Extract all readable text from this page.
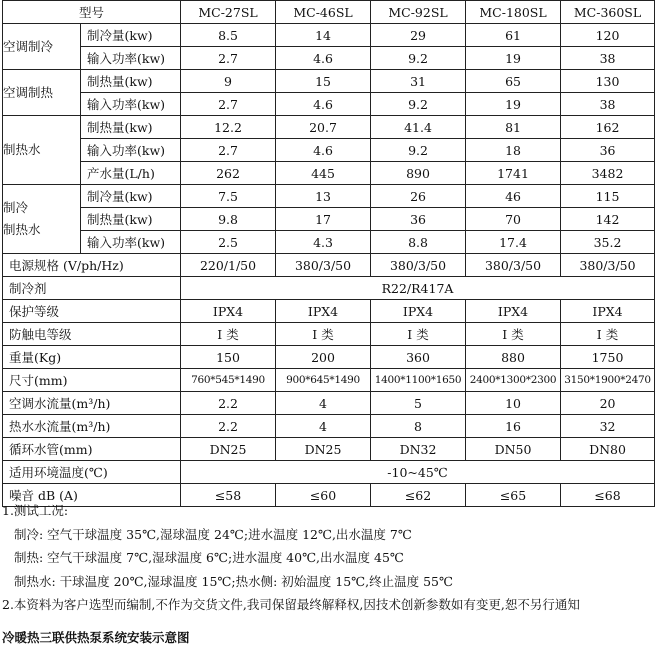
型号		MC-27SL	MC-46SL	MC-92SL	MC-180SL	MC-360SL
空调制冷	制冷量(kw)	8.5	14	29	61	120
	输入功率(kw)	2.7	4.6	9.2	19	38
空调制热	制热量(kw)	9	15	31	65	130
	输入功率(kw)	2.7	4.6	9.2	19	38
制热水	制热量(kw)	12.2	20.7	41.4	81	162
	输入功率(kw)	2.7	4.6	9.2	18	36
	产水量(L/h)	262	445	890	1741	3482

制冷
制热水	制冷量(kw)	7.5	13	26	46	115
	制热量(kw)	9.8	17	36	70	142
	输入功率(kw)	2.5	4.3	8.8	17.4	35.2
电源规格 (V/ph/Hz)		220/1/50	380/3/50	380/3/50	380/3/50	380/3/50
制冷剂		R22/R417A				
保护等级		IPX4	IPX4	IPX4	IPX4	IPX4
防触电等级		I 类	I 类	I 类	I 类	I 类
重量(Kg)		150	200	360	880	1750
尺寸(mm)		760*545*1490	900*645*1490	1400*1100*1650	2400*1300*2300	3150*1900*2470
空调水流量(m³/h)		2.2	4	5	10	20
热水水流量(m³/h)		2.2	4	8	16	32
循环水管(mm)		DN25	DN25	DN32	DN50	DN80
适用环境温度(℃)		-10~45℃				
噪音 dB (A)		≤58	≤60	≤62	≤65	≤68
1.测试工况:
制冷: 空气干球温度 35℃,湿球温度 24℃;进水温度 12℃,出水温度 7℃
制热: 空气干球温度 7℃,湿球温度 6℃;进水温度 40℃,出水温度 45℃
制热水: 干球温度 20℃,湿球温度 15℃;热水侧: 初始温度 15℃,终止温度 55℃
2.本资料为客户选型而编制,不作为交货文件,我司保留最终解释权,因技术创新参数如有变更,恕不另行通知
冷暖热三联供热泵系统安装示意图
